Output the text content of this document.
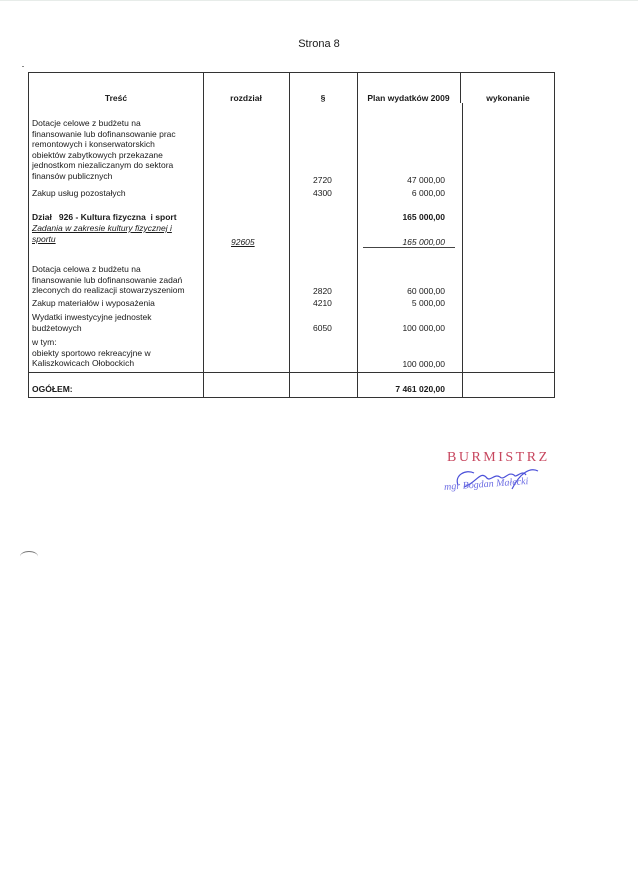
Strona 8
Treść	rozdział	§	Plan wydatków 2009	wykonanie
Dotacje celowe z budżetu na
finansowanie lub dofinansowanie prac
remontowych i konserwatorskich
obiektów zabytkowych przekazane
jednostkom niezaliczanym do sektora
finansów publicznych	2720	47 000,00
Zakup usług pozostałych	4300	6 000,00
Dział   926 - Kultura fizyczna  i sport	165 000,00
Zadania w zakresie kultury fizycznej i
sportu	92605	165 000,00
Dotacja celowa z budżetu na
finansowanie lub dofinansowanie zadań
zleconych do realizacji stowarzyszeniom	2820	60 000,00
Zakup materiałów i wyposażenia	4210	5 000,00
Wydatki inwestycyjne jednostek
budżetowych	6050	100 000,00
w tym:
obiekty sportowo rekreacyjne w
Kaliszkowicach Ołobockich	100 000,00
OGÓŁEM:	7 461 020,00
BURMISTRZ
mgr Bogdan Małecki
